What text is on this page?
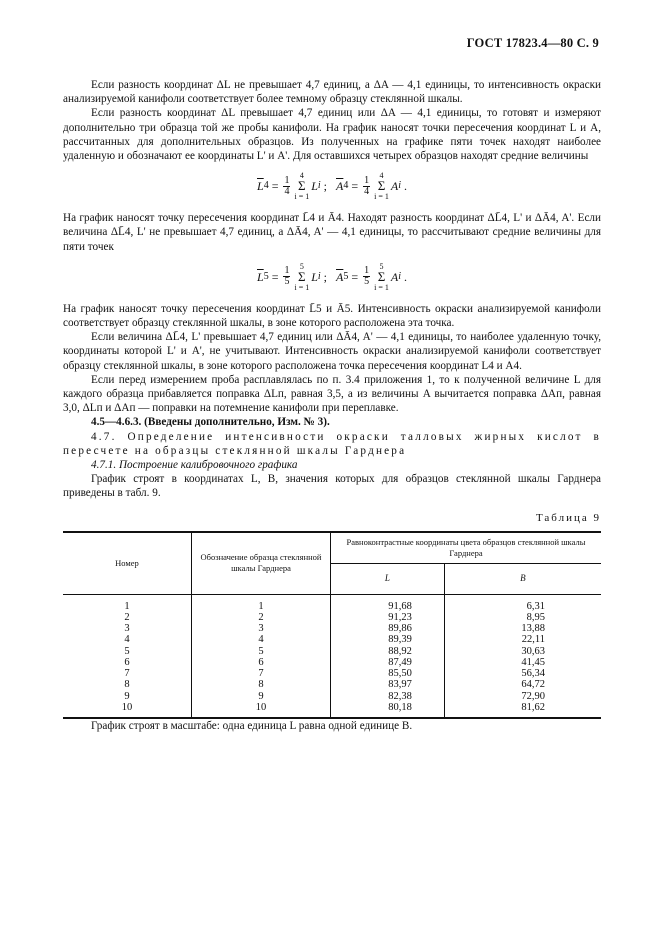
ГОСТ 17823.4—80 С. 9

Если разность координат ΔL не превышает 4,7 единиц, а ΔA — 4,1 единицы, то интенсивность окраски анализируемой канифоли соответствует более темному образцу стеклянной шкалы.

Если разность координат ΔL превышает 4,7 единиц или ΔA — 4,1 единицы, то готовят и измеряют дополнительно три образца той же пробы канифоли. На график наносят точки пересечения координат L и A, рассчитанных для дополнительных образцов. Из полученных на графике пяти точек находят наиболее удаленную и обозначают ее координаты L' и A'. Для оставшихся четырех образцов находят средние величины

$\overline{L}$ $4 = \frac{1}{4} 4$
Σ
i = 1
L i ; $\overline{A}$ $4 = \frac{1}{4} 4$
Σ
i = 1
A i .

На график наносят точку пересечения координат L̄4 и Ā4. Находят разность координат ΔL̄4, L' и ΔĀ4, A'. Если величина ΔL̄4, L' не превышает 4,7 единиц, а ΔĀ4, A' — 4,1 единицы, то рассчитывают средние величины для пяти точек

$\overline{L}$ $5 = \frac{1}{5} 5$
Σ
i = 1
L i ; $\overline{A}$ $5 = \frac{1}{5} 5$
Σ
i = 1
A i .

На график наносят точку пересечения координат L̄5 и Ā5. Интенсивность окраски анализируемой канифоли соответствует образцу стеклянной шкалы, в зоне которого расположена эта точка.

Если величина ΔL̄4, L' превышает 4,7 единиц или ΔĀ4, A' — 4,1 единицы, то наиболее удаленную точку, координаты которой L' и A', не учитывают. Интенсивность окраски анализируемой канифоли соответствует образцу стеклянной шкалы, в зоне которого расположена точка пересечения координат L4 и A4.

Если перед измерением проба расплавлялась по п. 3.4 приложения 1, то к полученной величине L для каждого образца прибавляется поправка ΔLп, равная 3,5, а из величины A вычитается поправка ΔAп, равная 3,0, ΔLп и ΔAп — поправки на потемнение канифоли при переплавке.

4.5—4.6.3. (Введены дополнительно, Изм. № 3).

4.7. Определение интенсивности окраски талловых жирных кислот в пересчете на образцы стеклянной шкалы Гарднера

4.7.1. Построение калибровочного графика

График строят в координатах L, B, значения которых для образцов стеклянной шкалы Гарднера приведены в табл. 9.

Таблица 9
Номер	Обозначение образца стеклянной шкалы Гарднера	Равноконтрастные координаты цвета образцов стеклянной шкалы Гарднера	
		L	B
1	1	91,68	6,31
2	2	91,23	8,95
3	3	89,86	13,88
4	4	89,39	22,11
5	5	88,92	30,63
6	6	87,49	41,45
7	7	85,50	56,34
8	8	83,97	64,72
9	9	82,38	72,90
10	10	80,18	81,62

График строят в масштабе: одна единица L равна одной единице B.
